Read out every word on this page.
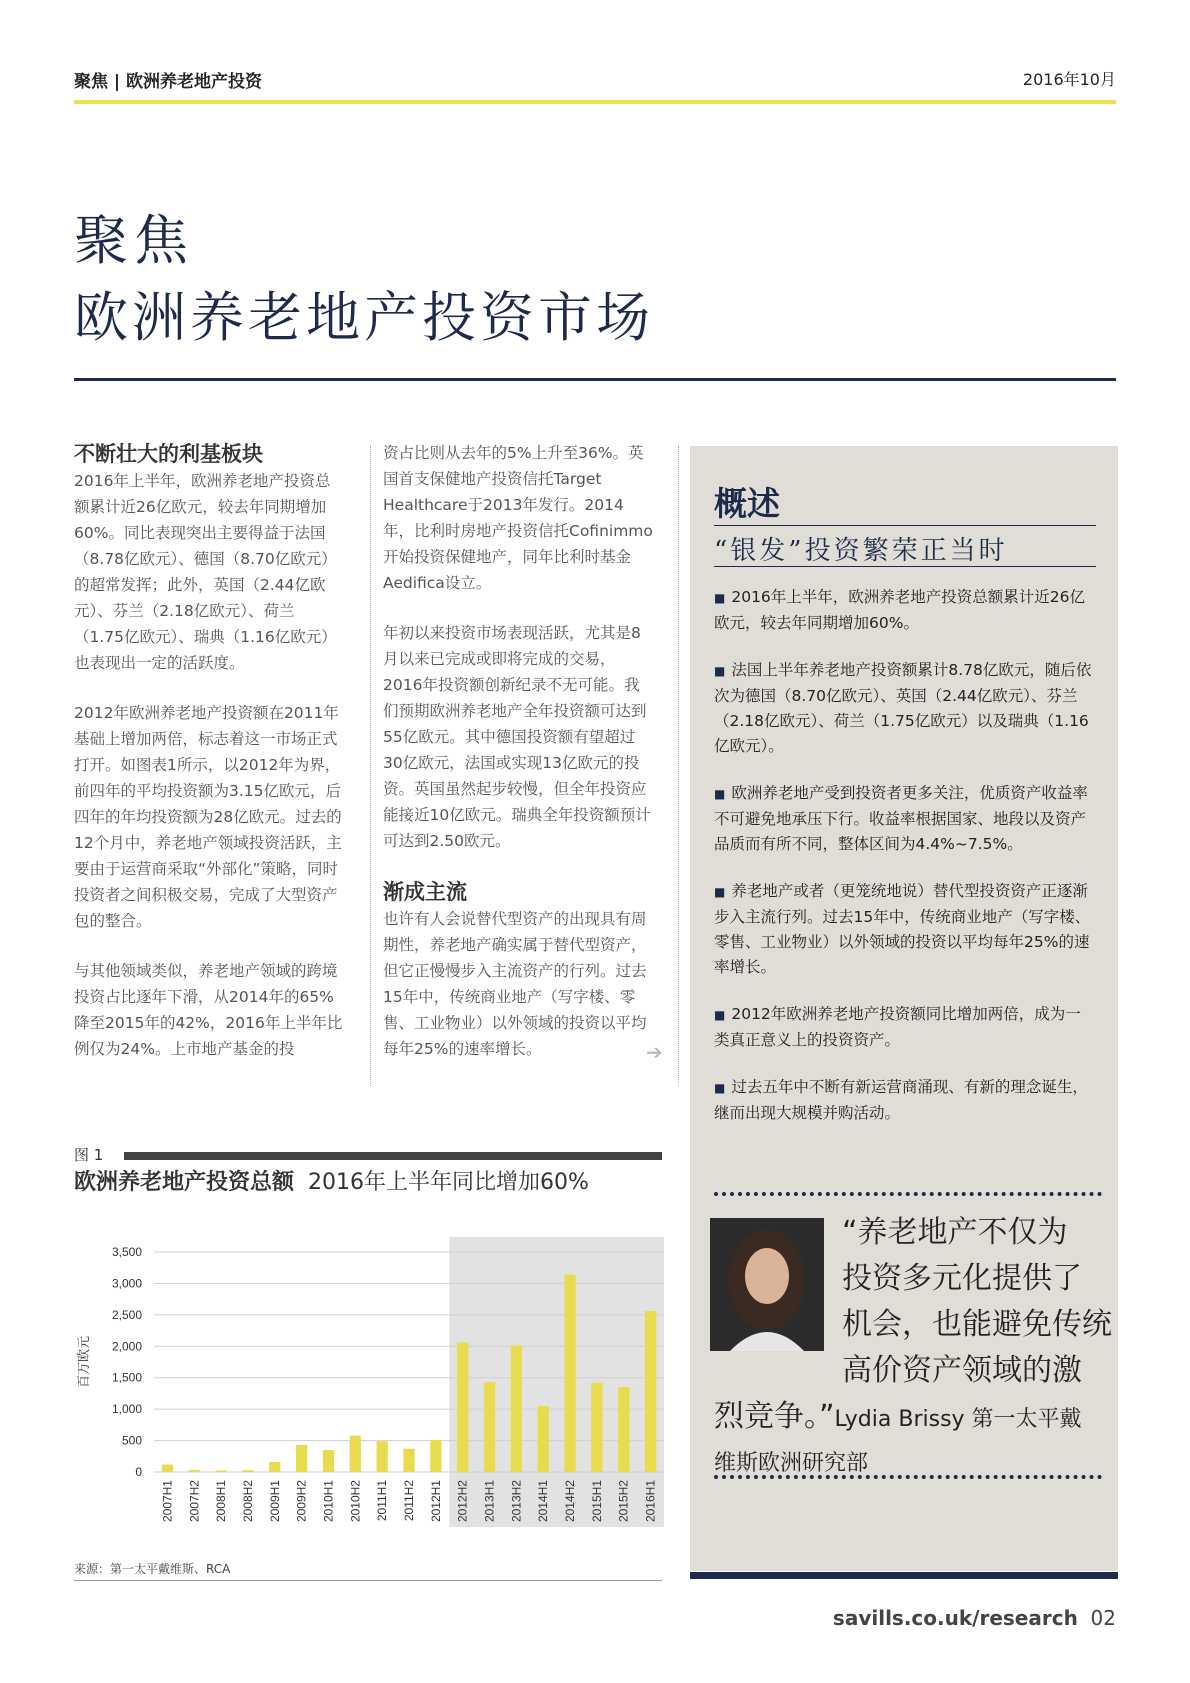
聚焦 | 欧洲养老地产投资	2016年10月
聚焦
欧洲养老地产投资市场
不断壮大的利基板块

2016年上半年，欧洲养老地产投资总额累计近26亿欧元，较去年同期增加60%。同比表现突出主要得益于法国（8.78亿欧元）、德国（8.70亿欧元）的超常发挥；此外，英国（2.44亿欧元）、芬兰（2.18亿欧元）、荷兰（1.75亿欧元）、瑞典（1.16亿欧元）也表现出一定的活跃度。

2012年欧洲养老地产投资额在2011年基础上增加两倍，标志着这一市场正式打开。如图表1所示，以2012年为界，前四年的平均投资额为3.15亿欧元，后四年的年均投资额为28亿欧元。过去的12个月中，养老地产领域投资活跃，主要由于运营商采取“外部化”策略，同时投资者之间积极交易，完成了大型资产包的整合。

与其他领域类似，养老地产领域的跨境投资占比逐年下滑，从2014年的65%降至2015年的42%，2016年上半年比例仅为24%。上市地产基金的投

资占比则从去年的5%上升至36%。英国首支保健地产投资信托Target Healthcare于2013年发行。2014年，比利时房地产投资信托Cofinimmo开始投资保健地产，同年比利时基金Aedifica设立。

年初以来投资市场表现活跃，尤其是8月以来已完成或即将完成的交易，2016年投资额创新纪录不无可能。我们预期欧洲养老地产全年投资额可达到55亿欧元。其中德国投资额有望超过30亿欧元，法国或实现13亿欧元的投资。英国虽然起步较慢，但全年投资应能接近10亿欧元。瑞典全年投资额预计可达到2.50欧元。

渐成主流

也许有人会说替代型资产的出现具有周期性，养老地产确实属于替代型资产，但它正慢慢步入主流资产的行列。过去15年中，传统商业地产（写字楼、零售、工业物业）以外领域的投资以平均每年25%的速率增长。	➔
概述
“银发”投资繁荣正当时

■ 2016年上半年，欧洲养老地产投资总额累计近26亿欧元，较去年同期增加60%。

■ 法国上半年养老地产投资额累计8.78亿欧元，随后依次为德国（8.70亿欧元）、英国（2.44亿欧元）、芬兰（2.18亿欧元）、荷兰（1.75亿欧元）以及瑞典（1.16亿欧元）。

■ 欧洲养老地产受到投资者更多关注，优质资产收益率不可避免地承压下行。收益率根据国家、地段以及资产品质而有所不同，整体区间为4.4%~7.5%。

■ 养老地产或者（更笼统地说）替代型投资资产正逐渐步入主流行列。过去15年中，传统商业地产（写字楼、零售、工业物业）以外领域的投资以平均每年25%的速率增长。

■ 2012年欧洲养老地产投资额同比增加两倍，成为一类真正意义上的投资资产。

■ 过去五年中不断有新运营商涌现、有新的理念诞生，继而出现大规模并购活动。

“养老地产不仅为
投资多元化提供了
机会，也能避免传统
高价资产领域的激
烈竞争。”Lydia Brissy 第一太平戴
维斯欧洲研究部
图 1
欧洲养老地产投资总额 2016年上半年同比增加60%
0
500
1,000
1,500
2,000
2,500
3,000
3,500
百万欧元
2007H1 2007H2 2008H1 2008H2 2009H1 2009H2 2010H1 2010H2 2011H1 2011H2 2012H1 2012H2 2013H1 2013H2 2014H1 2014H2 2015H1 2015H2 2016H1
来源：第一太平戴维斯、RCA
savills.co.uk/research 02
